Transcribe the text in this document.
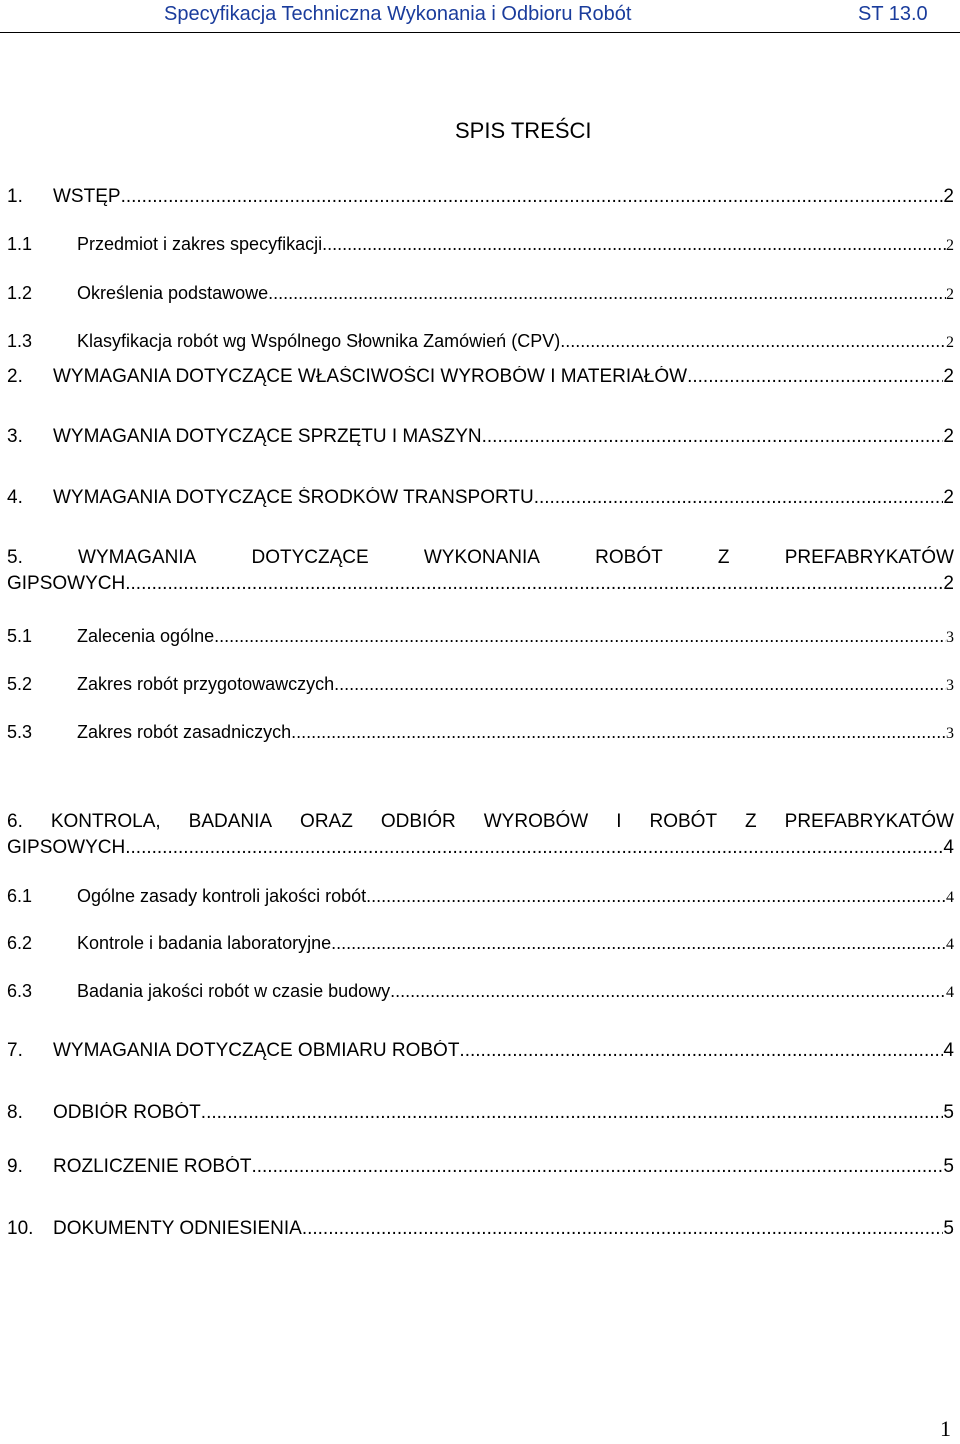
Specyfikacja Techniczna Wykonania i Odbioru Robót	ST 13.0
SPIS TREŚCI
1.	WSTĘP .....	2
1.1	Przedmiot i zakres specyfikacji .....	2
1.2	Określenia podstawowe .....	2
1.3	Klasyfikacja robót wg Wspólnego Słownika Zamówień (CPV) .....	2
2.	WYMAGANIA DOTYCZĄCE WŁAŚCIWOŚCI WYROBÓW I MATERIAŁÓW .....	2
3.	WYMAGANIA DOTYCZĄCE SPRZĘTU I MASZYN .....	2
4.	WYMAGANIA DOTYCZĄCE ŚRODKÓW TRANSPORTU .....	2
5.	WYMAGANIA	DOTYCZĄCE	WYKONANIA	ROBÓT	Z	PREFABRYKATÓW
GIPSOWYCH .....	2
5.1	Zalecenia ogólne .....	3
5.2	Zakres robót przygotowawczych .....	3
5.3	Zakres robót zasadniczych .....	3
6. KONTROLA, BADANIA ORAZ ODBIÓR WYROBÓW I ROBÓT Z PREFABRYKATÓW
GIPSOWYCH .....	4
6.1	Ogólne zasady kontroli jakości robót .....	4
6.2	Kontrole i badania laboratoryjne .....	4
6.3	Badania jakości robót w czasie budowy .....	4
7.	WYMAGANIA DOTYCZĄCE OBMIARU ROBÓT .....	4
8.	ODBIÓR ROBÓT .....	5
9.	ROZLICZENIE ROBÓT .....	5
10.	DOKUMENTY ODNIESIENIA .....	5
1
